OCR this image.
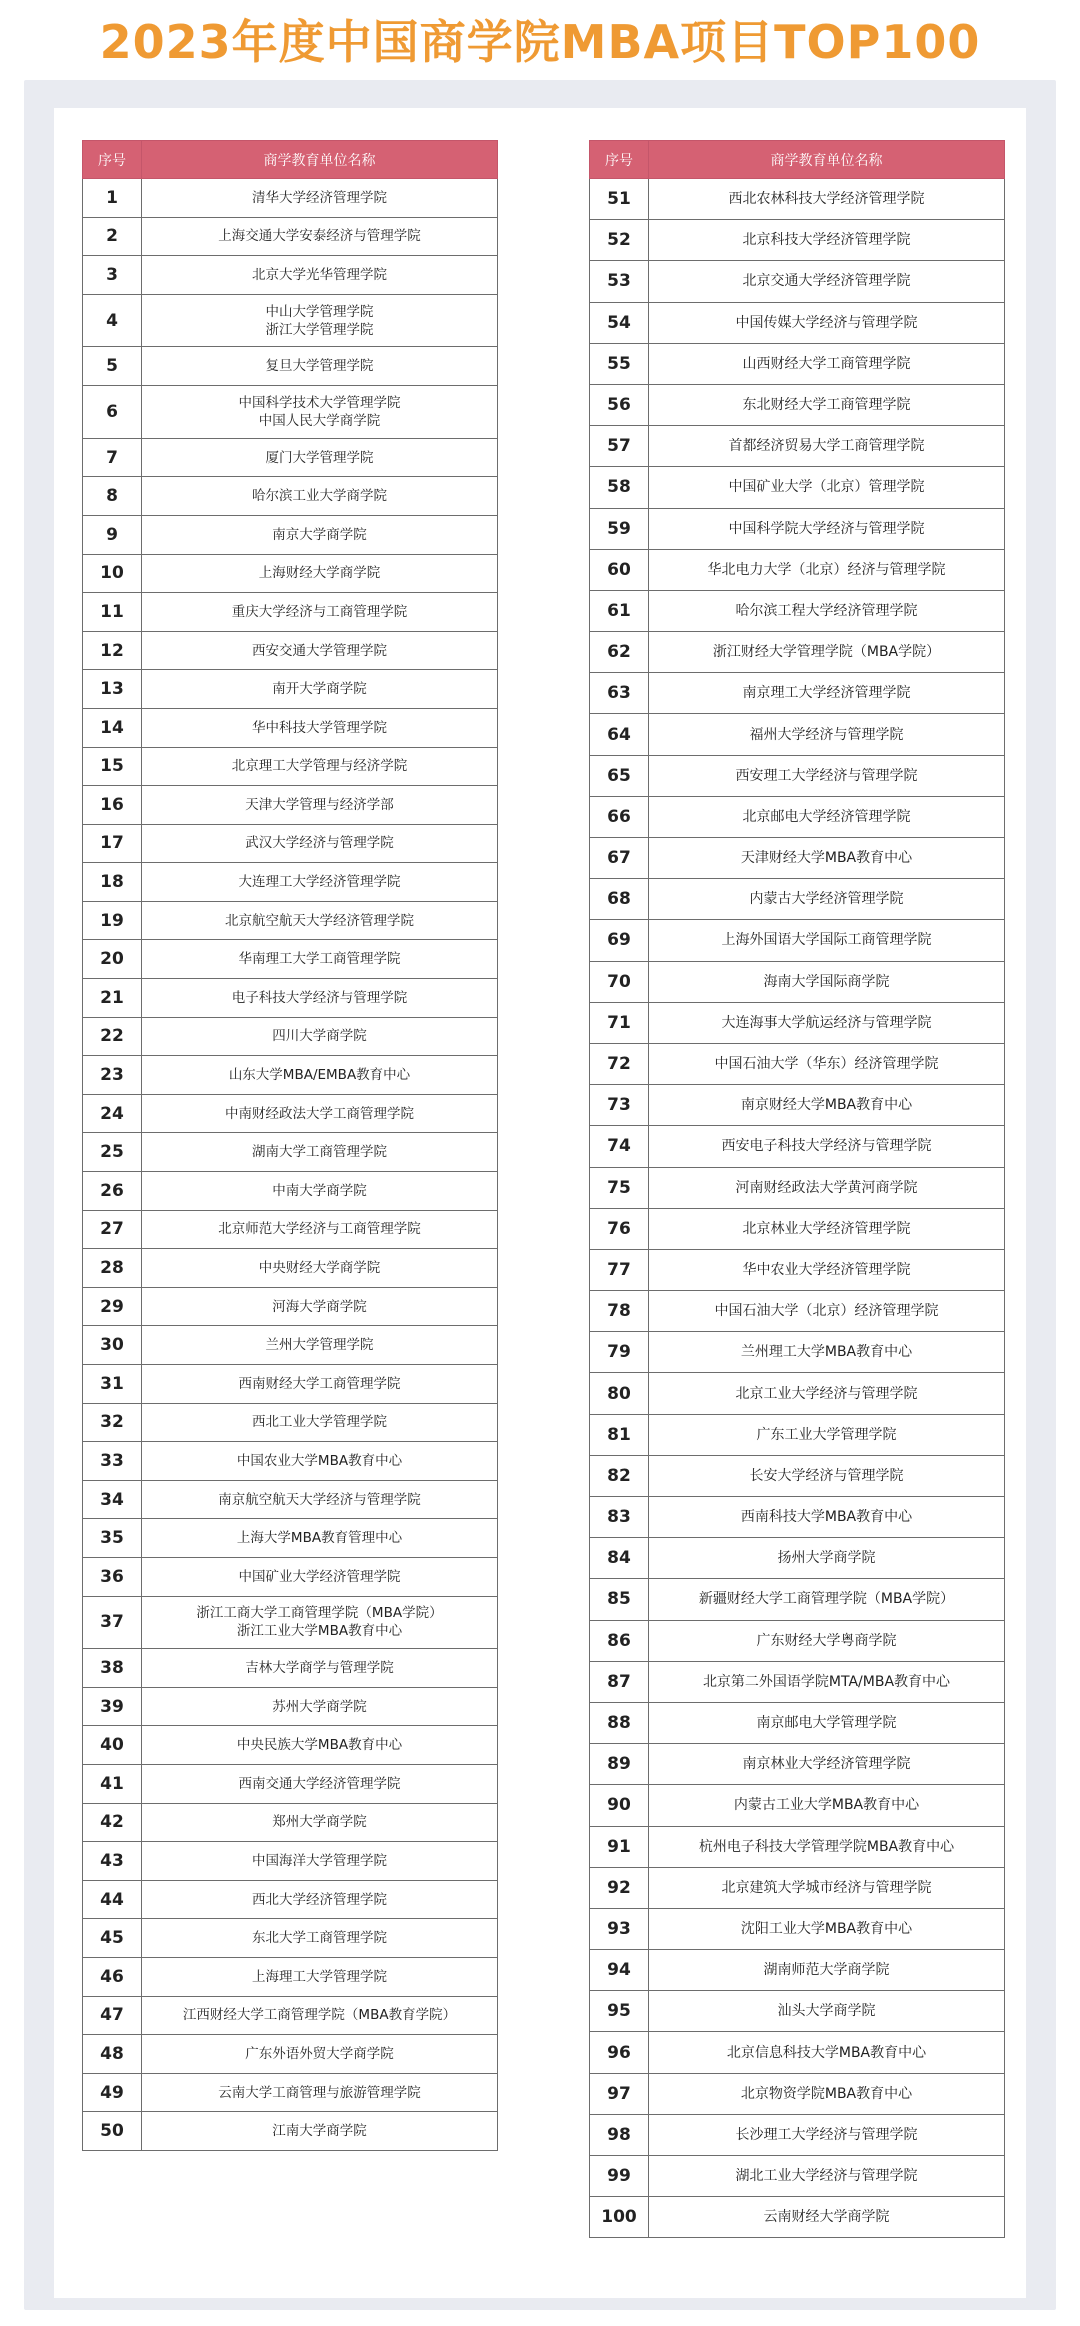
2023年度中国商学院MBA项目TOP100
序号	商学教育单位名称
1	清华大学经济管理学院

2	上海交通大学安泰经济与管理学院

3	北京大学光华管理学院

4	中山大学管理学院
浙江大学管理学院

5	复旦大学管理学院

6	中国科学技术大学管理学院
中国人民大学商学院

7	厦门大学管理学院

8	哈尔滨工业大学商学院

9	南京大学商学院

10	上海财经大学商学院

11	重庆大学经济与工商管理学院

12	西安交通大学管理学院

13	南开大学商学院

14	华中科技大学管理学院

15	北京理工大学管理与经济学院

16	天津大学管理与经济学部

17	武汉大学经济与管理学院

18	大连理工大学经济管理学院

19	北京航空航天大学经济管理学院

20	华南理工大学工商管理学院

21	电子科技大学经济与管理学院

22	四川大学商学院

23	山东大学MBA/EMBA教育中心

24	中南财经政法大学工商管理学院

25	湖南大学工商管理学院

26	中南大学商学院

27	北京师范大学经济与工商管理学院

28	中央财经大学商学院

29	河海大学商学院

30	兰州大学管理学院

31	西南财经大学工商管理学院

32	西北工业大学管理学院

33	中国农业大学MBA教育中心

34	南京航空航天大学经济与管理学院

35	上海大学MBA教育管理中心

36	中国矿业大学经济管理学院

37	浙江工商大学工商管理学院（MBA学院）
浙江工业大学MBA教育中心

38	吉林大学商学与管理学院

39	苏州大学商学院

40	中央民族大学MBA教育中心

41	西南交通大学经济管理学院

42	郑州大学商学院

43	中国海洋大学管理学院

44	西北大学经济管理学院

45	东北大学工商管理学院

46	上海理工大学管理学院

47	江西财经大学工商管理学院（MBA教育学院）

48	广东外语外贸大学商学院

49	云南大学工商管理与旅游管理学院

50	江南大学商学院
序号	商学教育单位名称
51	西北农林科技大学经济管理学院

52	北京科技大学经济管理学院

53	北京交通大学经济管理学院

54	中国传媒大学经济与管理学院

55	山西财经大学工商管理学院

56	东北财经大学工商管理学院

57	首都经济贸易大学工商管理学院

58	中国矿业大学（北京）管理学院

59	中国科学院大学经济与管理学院

60	华北电力大学（北京）经济与管理学院

61	哈尔滨工程大学经济管理学院

62	浙江财经大学管理学院（MBA学院）

63	南京理工大学经济管理学院

64	福州大学经济与管理学院

65	西安理工大学经济与管理学院

66	北京邮电大学经济管理学院

67	天津财经大学MBA教育中心

68	内蒙古大学经济管理学院

69	上海外国语大学国际工商管理学院

70	海南大学国际商学院

71	大连海事大学航运经济与管理学院

72	中国石油大学（华东）经济管理学院

73	南京财经大学MBA教育中心

74	西安电子科技大学经济与管理学院

75	河南财经政法大学黄河商学院

76	北京林业大学经济管理学院

77	华中农业大学经济管理学院

78	中国石油大学（北京）经济管理学院

79	兰州理工大学MBA教育中心

80	北京工业大学经济与管理学院

81	广东工业大学管理学院

82	长安大学经济与管理学院

83	西南科技大学MBA教育中心

84	扬州大学商学院

85	新疆财经大学工商管理学院（MBA学院）

86	广东财经大学粤商学院

87	北京第二外国语学院MTA/MBA教育中心

88	南京邮电大学管理学院

89	南京林业大学经济管理学院

90	内蒙古工业大学MBA教育中心

91	杭州电子科技大学管理学院MBA教育中心

92	北京建筑大学城市经济与管理学院

93	沈阳工业大学MBA教育中心

94	湖南师范大学商学院

95	汕头大学商学院

96	北京信息科技大学MBA教育中心

97	北京物资学院MBA教育中心

98	长沙理工大学经济与管理学院

99	湖北工业大学经济与管理学院

100	云南财经大学商学院
